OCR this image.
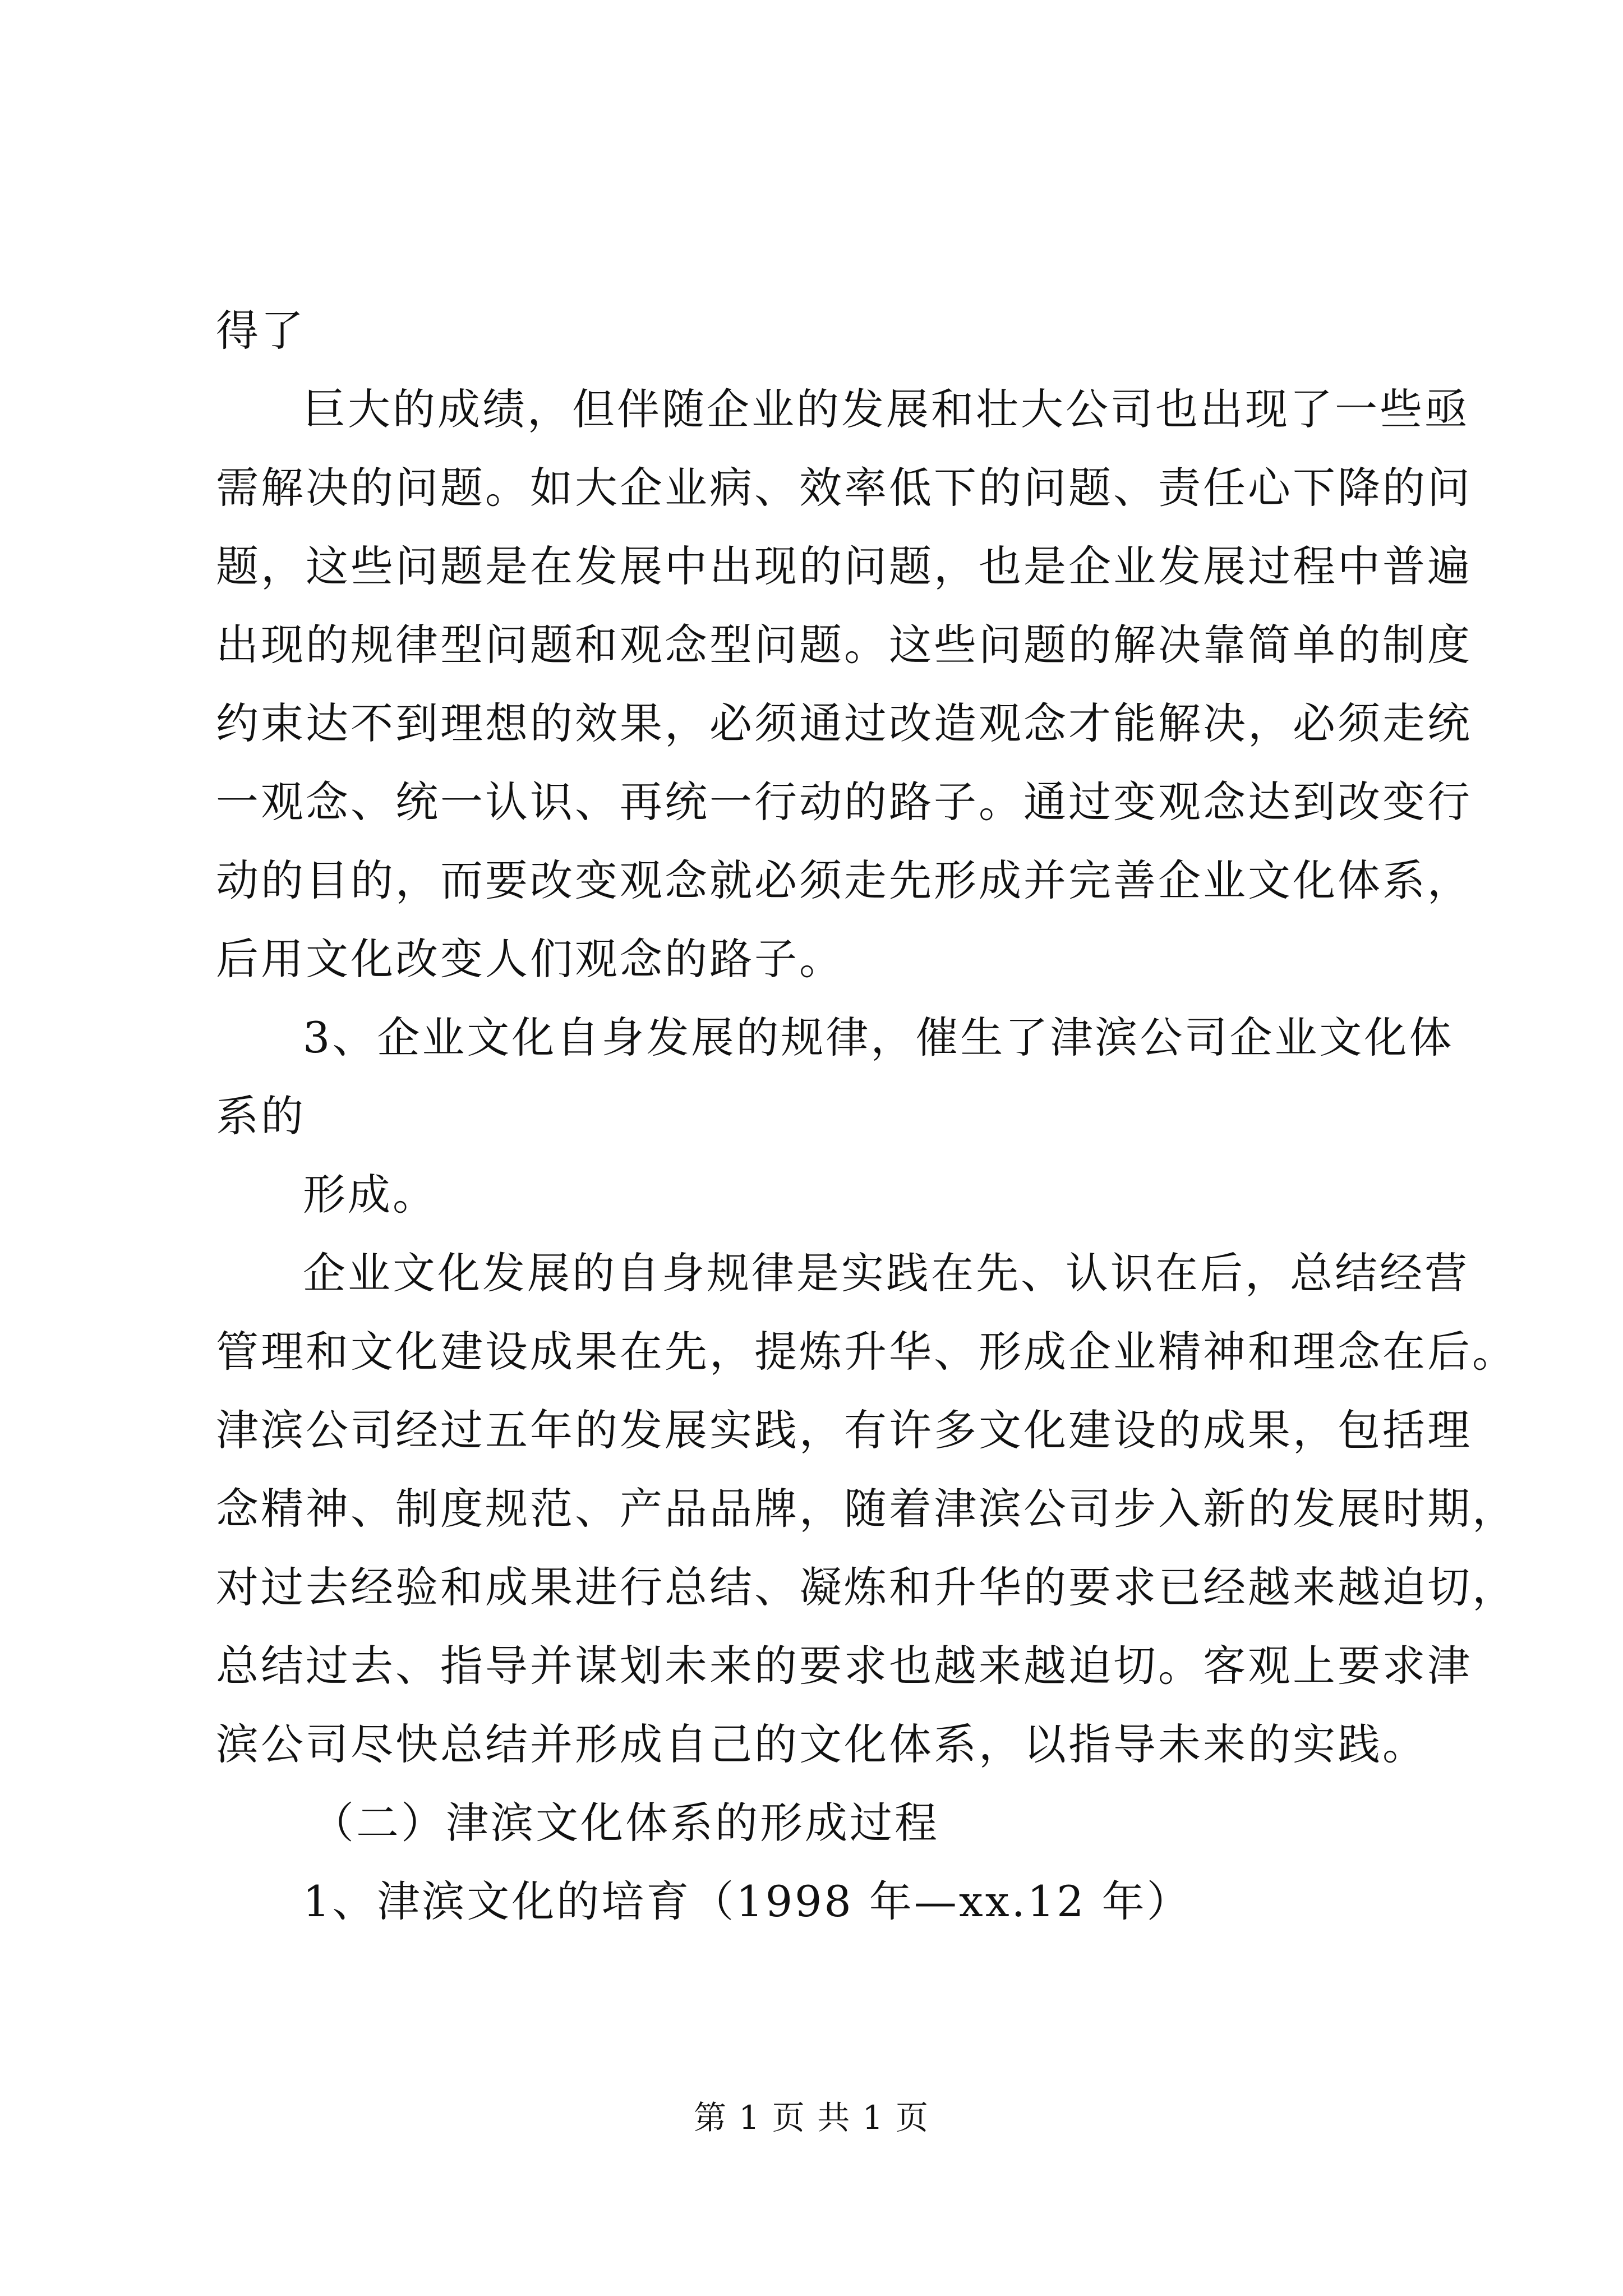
得了
巨大的成绩，但伴随企业的发展和壮大公司也出现了一些亟
需解决的问题。如大企业病、效率低下的问题、责任心下降的问
题，这些问题是在发展中出现的问题，也是企业发展过程中普遍
出现的规律型问题和观念型问题。这些问题的解决靠简单的制度
约束达不到理想的效果，必须通过改造观念才能解决，必须走统
一观念、统一认识、再统一行动的路子。通过变观念达到改变行
动的目的，而要改变观念就必须走先形成并完善企业文化体系，
后用文化改变人们观念的路子。
3、企业文化自身发展的规律，催生了津滨公司企业文化体
系的
形成。
企业文化发展的自身规律是实践在先、认识在后，总结经营
管理和文化建设成果在先，提炼升华、形成企业精神和理念在后。
津滨公司经过五年的发展实践，有许多文化建设的成果，包括理
念精神、制度规范、产品品牌，随着津滨公司步入新的发展时期，
对过去经验和成果进行总结、凝炼和升华的要求已经越来越迫切，
总结过去、指导并谋划未来的要求也越来越迫切。客观上要求津
滨公司尽快总结并形成自己的文化体系，以指导未来的实践。
（二）津滨文化体系的形成过程
1、津滨文化的培育（1998 年—xx.12 年）
第 1 页 共 1 页
